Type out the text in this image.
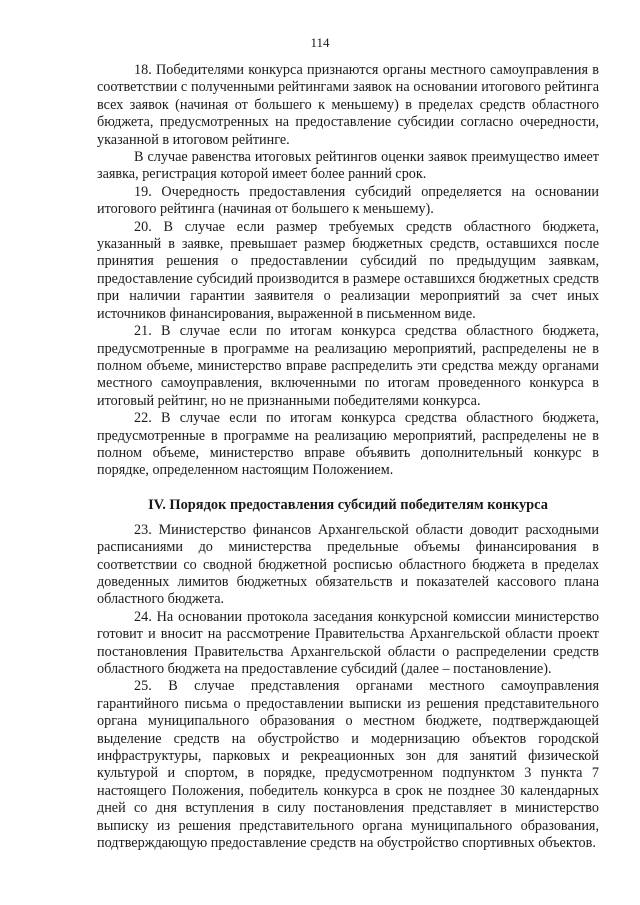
114

18. Победителями конкурса признаются органы местного самоуправления в соответствии с полученными рейтингами заявок на основании итогового рейтинга всех заявок (начиная от большего к меньшему) в пределах средств областного бюджета, предусмотренных на предоставление субсидии согласно очередности, указанной в итоговом рейтинге.

В случае равенства итоговых рейтингов оценки заявок преимущество имеет заявка, регистрация которой имеет более ранний срок.

19. Очередность предоставления субсидий определяется на основании итогового рейтинга (начиная от большего к меньшему).

20. В случае если размер требуемых средств областного бюджета, указанный в заявке, превышает размер бюджетных средств, оставшихся после принятия решения о предоставлении субсидий по предыдущим заявкам, предоставление субсидий производится в размере оставшихся бюджетных средств при наличии гарантии заявителя о реализации мероприятий за счет иных источников финансирования, выраженной в письменном виде.

21. В случае если по итогам конкурса средства областного бюджета, предусмотренные в программе на реализацию мероприятий, распределены не в полном объеме, министерство вправе распределить эти средства между органами местного самоуправления, включенными по итогам проведенного конкурса в итоговый рейтинг, но не признанными победителями конкурса.

22. В случае если по итогам конкурса средства областного бюджета, предусмотренные в программе на реализацию мероприятий, распределены не в полном объеме, министерство вправе объявить дополнительный конкурс в порядке, определенном настоящим Положением.

IV. Порядок предоставления субсидий победителям конкурса

23. Министерство финансов Архангельской области доводит расходными расписаниями до министерства предельные объемы финансирования в соответствии со сводной бюджетной росписью областного бюджета в пределах доведенных лимитов бюджетных обязательств и показателей кассового плана областного бюджета.

24. На основании протокола заседания конкурсной комиссии министерство готовит и вносит на рассмотрение Правительства Архангельской области проект постановления Правительства Архангельской области о распределении средств областного бюджета на предоставление субсидий (далее – постановление).

25. В случае представления органами местного самоуправления гарантийного письма о предоставлении выписки из решения представительного органа муниципального образования о местном бюджете, подтверждающей выделение средств на обустройство и модернизацию объектов городской инфраструктуры, парковых и рекреационных зон для занятий физической культурой и спортом, в порядке, предусмотренном подпунктом 3 пункта 7 настоящего Положения, победитель конкурса в срок не позднее 30 календарных дней со дня вступления в силу постановления представляет в министерство выписку из решения представительного органа муниципального образования, подтверждающую предоставление средств на обустройство спортивных объектов.
